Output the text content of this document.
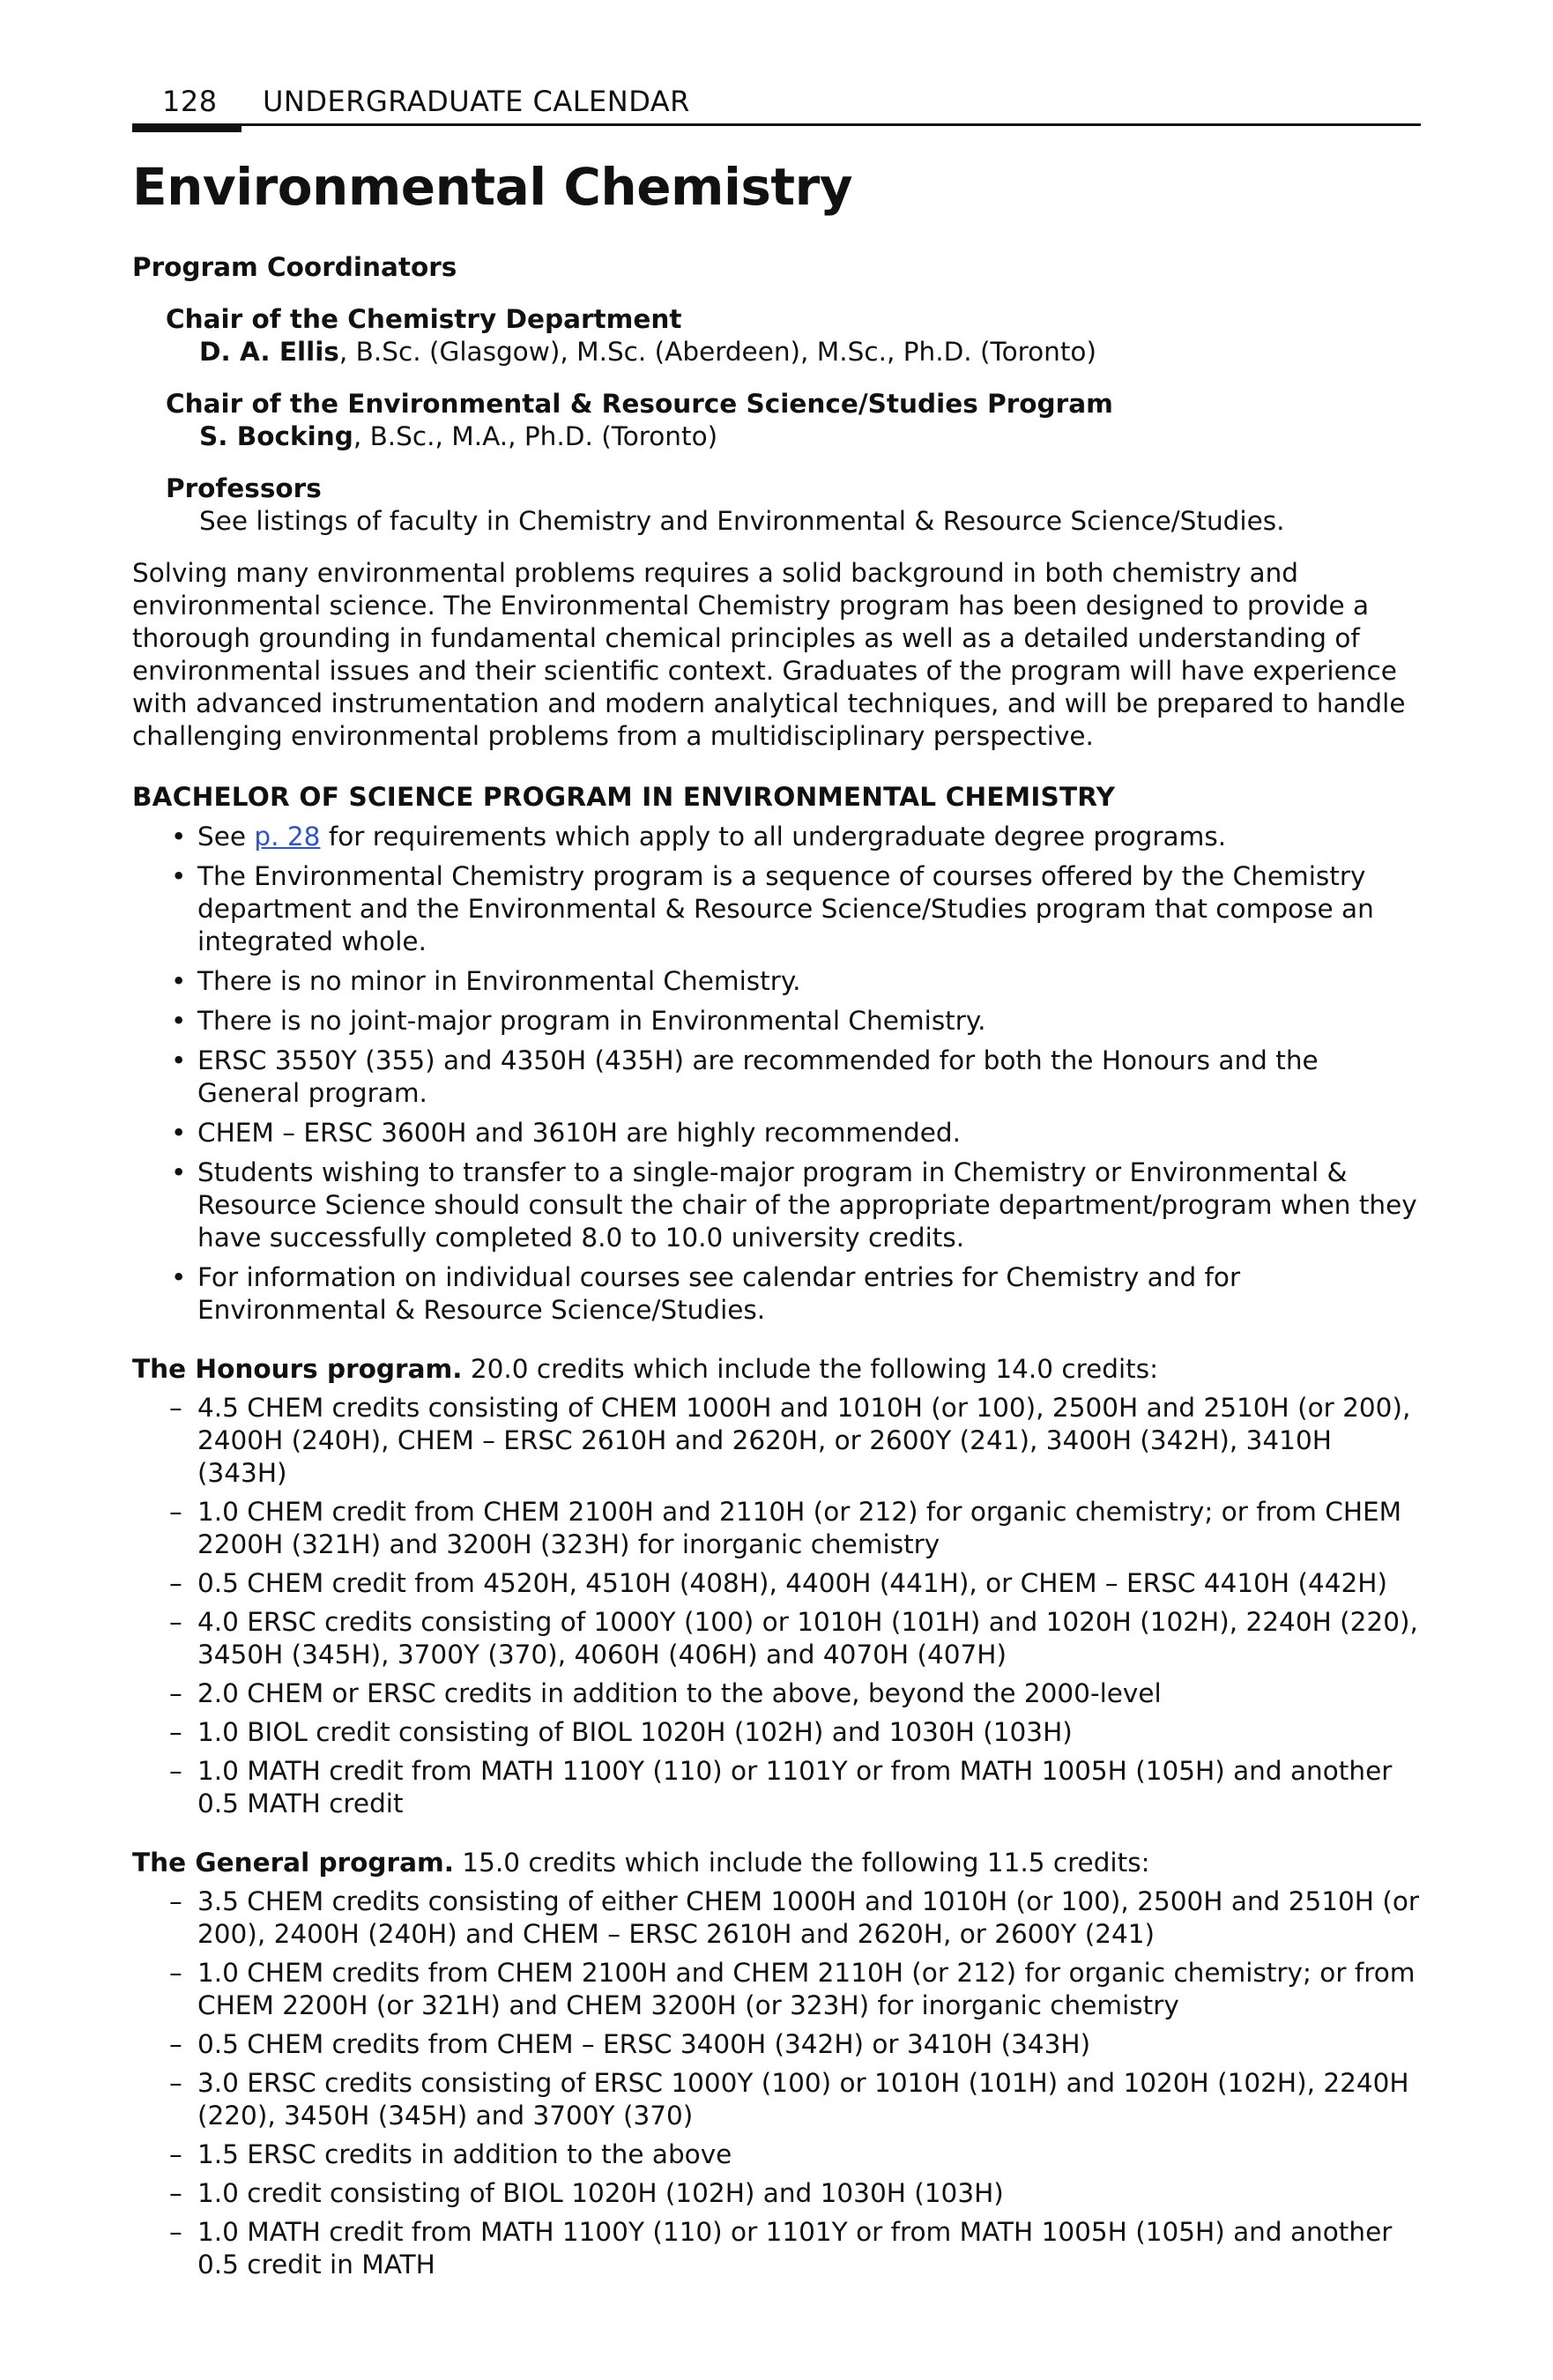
128 UNDERGRADUATE CALENDAR
Environmental Chemistry
Program Coordinators
Chair of the Chemistry Department
D. A. Ellis, B.Sc. (Glasgow), M.Sc. (Aberdeen), M.Sc., Ph.D. (Toronto)
Chair of the Environmental & Resource Science/Studies Program
S. Bocking, B.Sc., M.A., Ph.D. (Toronto)
Professors
See listings of faculty in Chemistry and Environmental & Resource Science/Studies.

Solving many environmental problems requires a solid background in both chemistry and environmental science. The Environmental Chemistry program has been designed to provide a thorough grounding in fundamental chemical principles as well as a detailed understanding of environmental issues and their scientific context. Graduates of the program will have experience with advanced instrumentation and modern analytical techniques, and will be prepared to handle challenging environmental problems from a multidisciplinary perspective.

BACHELOR OF SCIENCE PROGRAM IN ENVIRONMENTAL CHEMISTRY
• See p. 28 for requirements which apply to all undergraduate degree programs.
• The Environmental Chemistry program is a sequence of courses offered by the Chemistry department and the Environmental & Resource Science/Studies program that compose an integrated whole.
• There is no minor in Environmental Chemistry.
• There is no joint-major program in Environmental Chemistry.
• ERSC 3550Y (355) and 4350H (435H) are recommended for both the Honours and the General program.
• CHEM – ERSC 3600H and 3610H are highly recommended.
• Students wishing to transfer to a single-major program in Chemistry or Environmental & Resource Science should consult the chair of the appropriate department/program when they have successfully completed 8.0 to 10.0 university credits.
• For information on individual courses see calendar entries for Chemistry and for Environmental & Resource Science/Studies.
The Honours program. 20.0 credits which include the following 14.0 credits:
– 4.5 CHEM credits consisting of CHEM 1000H and 1010H (or 100), 2500H and 2510H (or 200), 2400H (240H), CHEM – ERSC 2610H and 2620H, or 2600Y (241), 3400H (342H), 3410H (343H)
– 1.0 CHEM credit from CHEM 2100H and 2110H (or 212) for organic chemistry; or from CHEM 2200H (321H) and 3200H (323H) for inorganic chemistry
– 0.5 CHEM credit from 4520H, 4510H (408H), 4400H (441H), or CHEM – ERSC 4410H (442H)
– 4.0 ERSC credits consisting of 1000Y (100) or 1010H (101H) and 1020H (102H), 2240H (220), 3450H (345H), 3700Y (370), 4060H (406H) and 4070H (407H)
– 2.0 CHEM or ERSC credits in addition to the above, beyond the 2000-level
– 1.0 BIOL credit consisting of BIOL 1020H (102H) and 1030H (103H)
– 1.0 MATH credit from MATH 1100Y (110) or 1101Y or from MATH 1005H (105H) and another 0.5 MATH credit
The General program. 15.0 credits which include the following 11.5 credits:
– 3.5 CHEM credits consisting of either CHEM 1000H and 1010H (or 100), 2500H and 2510H (or 200), 2400H (240H) and CHEM – ERSC 2610H and 2620H, or 2600Y (241)
– 1.0 CHEM credits from CHEM 2100H and CHEM 2110H (or 212) for organic chemistry; or from CHEM 2200H (or 321H) and CHEM 3200H (or 323H) for inorganic chemistry
– 0.5 CHEM credits from CHEM – ERSC 3400H (342H) or 3410H (343H)
– 3.0 ERSC credits consisting of ERSC 1000Y (100) or 1010H (101H) and 1020H (102H), 2240H (220), 3450H (345H) and 3700Y (370)
– 1.5 ERSC credits in addition to the above
– 1.0 credit consisting of BIOL 1020H (102H) and 1030H (103H)
– 1.0 MATH credit from MATH 1100Y (110) or 1101Y or from MATH 1005H (105H) and another 0.5 credit in MATH
